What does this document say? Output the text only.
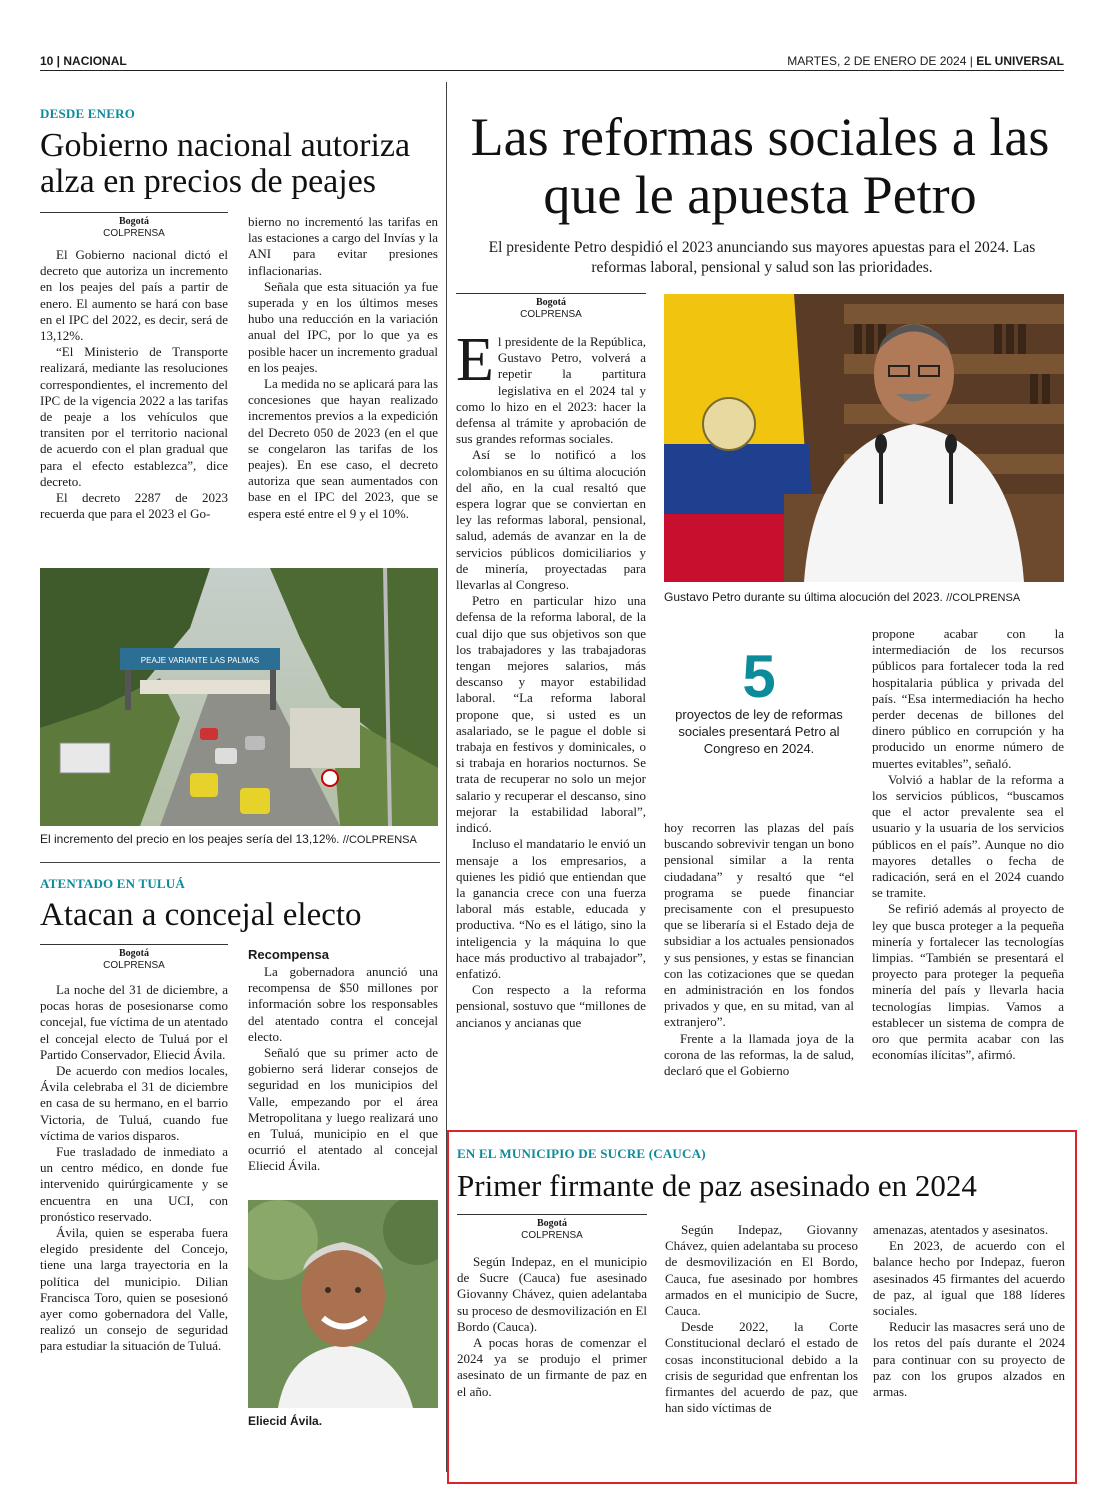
10 | NACIONAL	MARTES, 2 DE ENERO DE 2024 | EL UNIVERSAL
DESDE ENERO
Gobierno nacional autoriza alza en precios de peajes
Bogotá
COLPRENSA

El Gobierno nacional dictó el decreto que autoriza un incremento en los peajes del país a partir de enero. El aumento se hará con base en el IPC del 2022, es decir, será de 13,12%.

“El Ministerio de Transporte realizará, mediante las resoluciones correspondientes, el incremento del IPC de la vigencia 2022 a las tarifas de peaje a los vehículos que transiten por el territorio nacional de acuerdo con el plan gradual que para el efecto establezca”, dice decreto.

El decreto 2287 de 2023 recuerda que para el 2023 el Go-

bierno no incrementó las tarifas en las estaciones a cargo del Invías y la ANI para evitar presiones inflacionarias.

Señala que esta situación ya fue superada y en los últimos meses hubo una reducción en la variación anual del IPC, por lo que ya es posible hacer un incremento gradual en los peajes.

La medida no se aplicará para las concesiones que hayan realizado incrementos previos a la expedición del Decreto 050 de 2023 (en el que se congelaron las tarifas de los peajes). En ese caso, el decreto autoriza que sean aumentados con base en el IPC del 2023, que se espera esté entre el 9 y el 10%.

PEAJE VARIANTE LAS PALMAS
El incremento del precio en los peajes sería del 13,12%. //COLPRENSA
ATENTADO EN TULUÁ
Atacan a concejal electo
Bogotá
COLPRENSA

La noche del 31 de diciembre, a pocas horas de posesionarse como concejal, fue víctima de un atentado el concejal electo de Tuluá por el Partido Conservador, Eliecid Ávila.

De acuerdo con medios locales, Ávila celebraba el 31 de diciembre en casa de su hermano, en el barrio Victoria, de Tuluá, cuando fue víctima de varios disparos.

Fue trasladado de inmediato a un centro médico, en donde fue intervenido quirúrgicamente y se encuentra en una UCI, con pronóstico reservado.

Ávila, quien se esperaba fuera elegido presidente del Concejo, tiene una larga trayectoria en la política del municipio. Dilian Francisca Toro, quien se posesionó ayer como gobernadora del Valle, realizó un consejo de seguridad para estudiar la situación de Tuluá.

Recompensa

La gobernadora anunció una recompensa de $50 millones por información sobre los responsables del atentado contra el concejal electo.

Señaló que su primer acto de gobierno será liderar consejos de seguridad en los municipios del Valle, empezando por el área Metropolitana y luego realizará uno en Tuluá, municipio en el que ocurrió el atentado al concejal Eliecid Ávila.

Eliecid Ávila.
Las reformas sociales a las que le apuesta Petro
El presidente Petro despidió el 2023 anunciando sus mayores apuestas para el 2024. Las reformas laboral, pensional y salud son las prioridades.
Bogotá
COLPRENSA

El presidente de la República, Gustavo Petro, volverá a repetir la partitura legislativa en el 2024 tal y como lo hizo en el 2023: hacer la defensa al trámite y aprobación de sus grandes reformas sociales.

Así se lo notificó a los colombianos en su última alocución del año, en la cual resaltó que espera lograr que se conviertan en ley las reformas laboral, pensional, salud, además de avanzar en la de servicios públicos domiciliarios y de minería, proyectadas para llevarlas al Congreso.

Petro en particular hizo una defensa de la reforma laboral, de la cual dijo que sus objetivos son que los trabajadores y las trabajadoras tengan mejores salarios, más descanso y mayor estabilidad laboral. “La reforma laboral propone que, si usted es un asalariado, se le pague el doble si trabaja en festivos y dominicales, o si trabaja en horarios nocturnos. Se trata de recuperar no solo un mejor salario y recuperar el descanso, sino mejorar la estabilidad laboral”, indicó.

Incluso el mandatario le envió un mensaje a los empresarios, a quienes les pidió que entiendan que la ganancia crece con una fuerza laboral más estable, educada y productiva. “No es el látigo, sino la inteligencia y la máquina lo que hace más productivo al trabajador”, enfatizó.

Con respecto a la reforma pensional, sostuvo que “millones de ancianos y ancianas que

Gustavo Petro durante su última alocución del 2023. //COLPRENSA
5
proyectos de ley de reformas sociales presentará Petro al Congreso en 2024.

hoy recorren las plazas del país buscando sobrevivir tengan un bono pensional similar a la renta ciudadana” y resaltó que “el programa se puede financiar precisamente con el presupuesto que se liberaría si el Estado deja de subsidiar a los actuales pensionados y sus pensiones, y estas se financian con las cotizaciones que se quedan en administración en los fondos privados y que, en su mitad, van al extranjero”.

Frente a la llamada joya de la corona de las reformas, la de salud, declaró que el Gobierno

propone acabar con la intermediación de los recursos públicos para fortalecer toda la red hospitalaria pública y privada del país. “Esa intermediación ha hecho perder decenas de billones del dinero público en corrupción y ha producido un enorme número de muertes evitables”, señaló.

Volvió a hablar de la reforma a los servicios públicos, “buscamos que el actor prevalente sea el usuario y la usuaria de los servicios públicos en el país”. Aunque no dio mayores detalles o fecha de radicación, será en el 2024 cuando se tramite.

Se refirió además al proyecto de ley que busca proteger a la pequeña minería y fortalecer las tecnologías limpias. “También se presentará el proyecto para proteger la pequeña minería del país y llevarla hacia tecnologías limpias. Vamos a establecer un sistema de compra de oro que permita acabar con las economías ilícitas”, afirmó.

EN EL MUNICIPIO DE SUCRE (CAUCA)
Primer firmante de paz asesinado en 2024
Bogotá
COLPRENSA

Según Indepaz, en el municipio de Sucre (Cauca) fue asesinado Giovanny Chávez, quien adelantaba su proceso de desmovilización en El Bordo (Cauca).

A pocas horas de comenzar el 2024 ya se produjo el primer asesinato de un firmante de paz en el año.

Según Indepaz, Giovanny Chávez, quien adelantaba su proceso de desmovilización en El Bordo, Cauca, fue asesinado por hombres armados en el municipio de Sucre, Cauca.

Desde 2022, la Corte Constitucional declaró el estado de cosas inconstitucional debido a la crisis de seguridad que enfrentan los firmantes del acuerdo de paz, que han sido víctimas de

amenazas, atentados y asesinatos.

En 2023, de acuerdo con el balance hecho por Indepaz, fueron asesinados 45 firmantes del acuerdo de paz, al igual que 188 líderes sociales.

Reducir las masacres será uno de los retos del país durante el 2024 para continuar con su proyecto de paz con los grupos alzados en armas.
